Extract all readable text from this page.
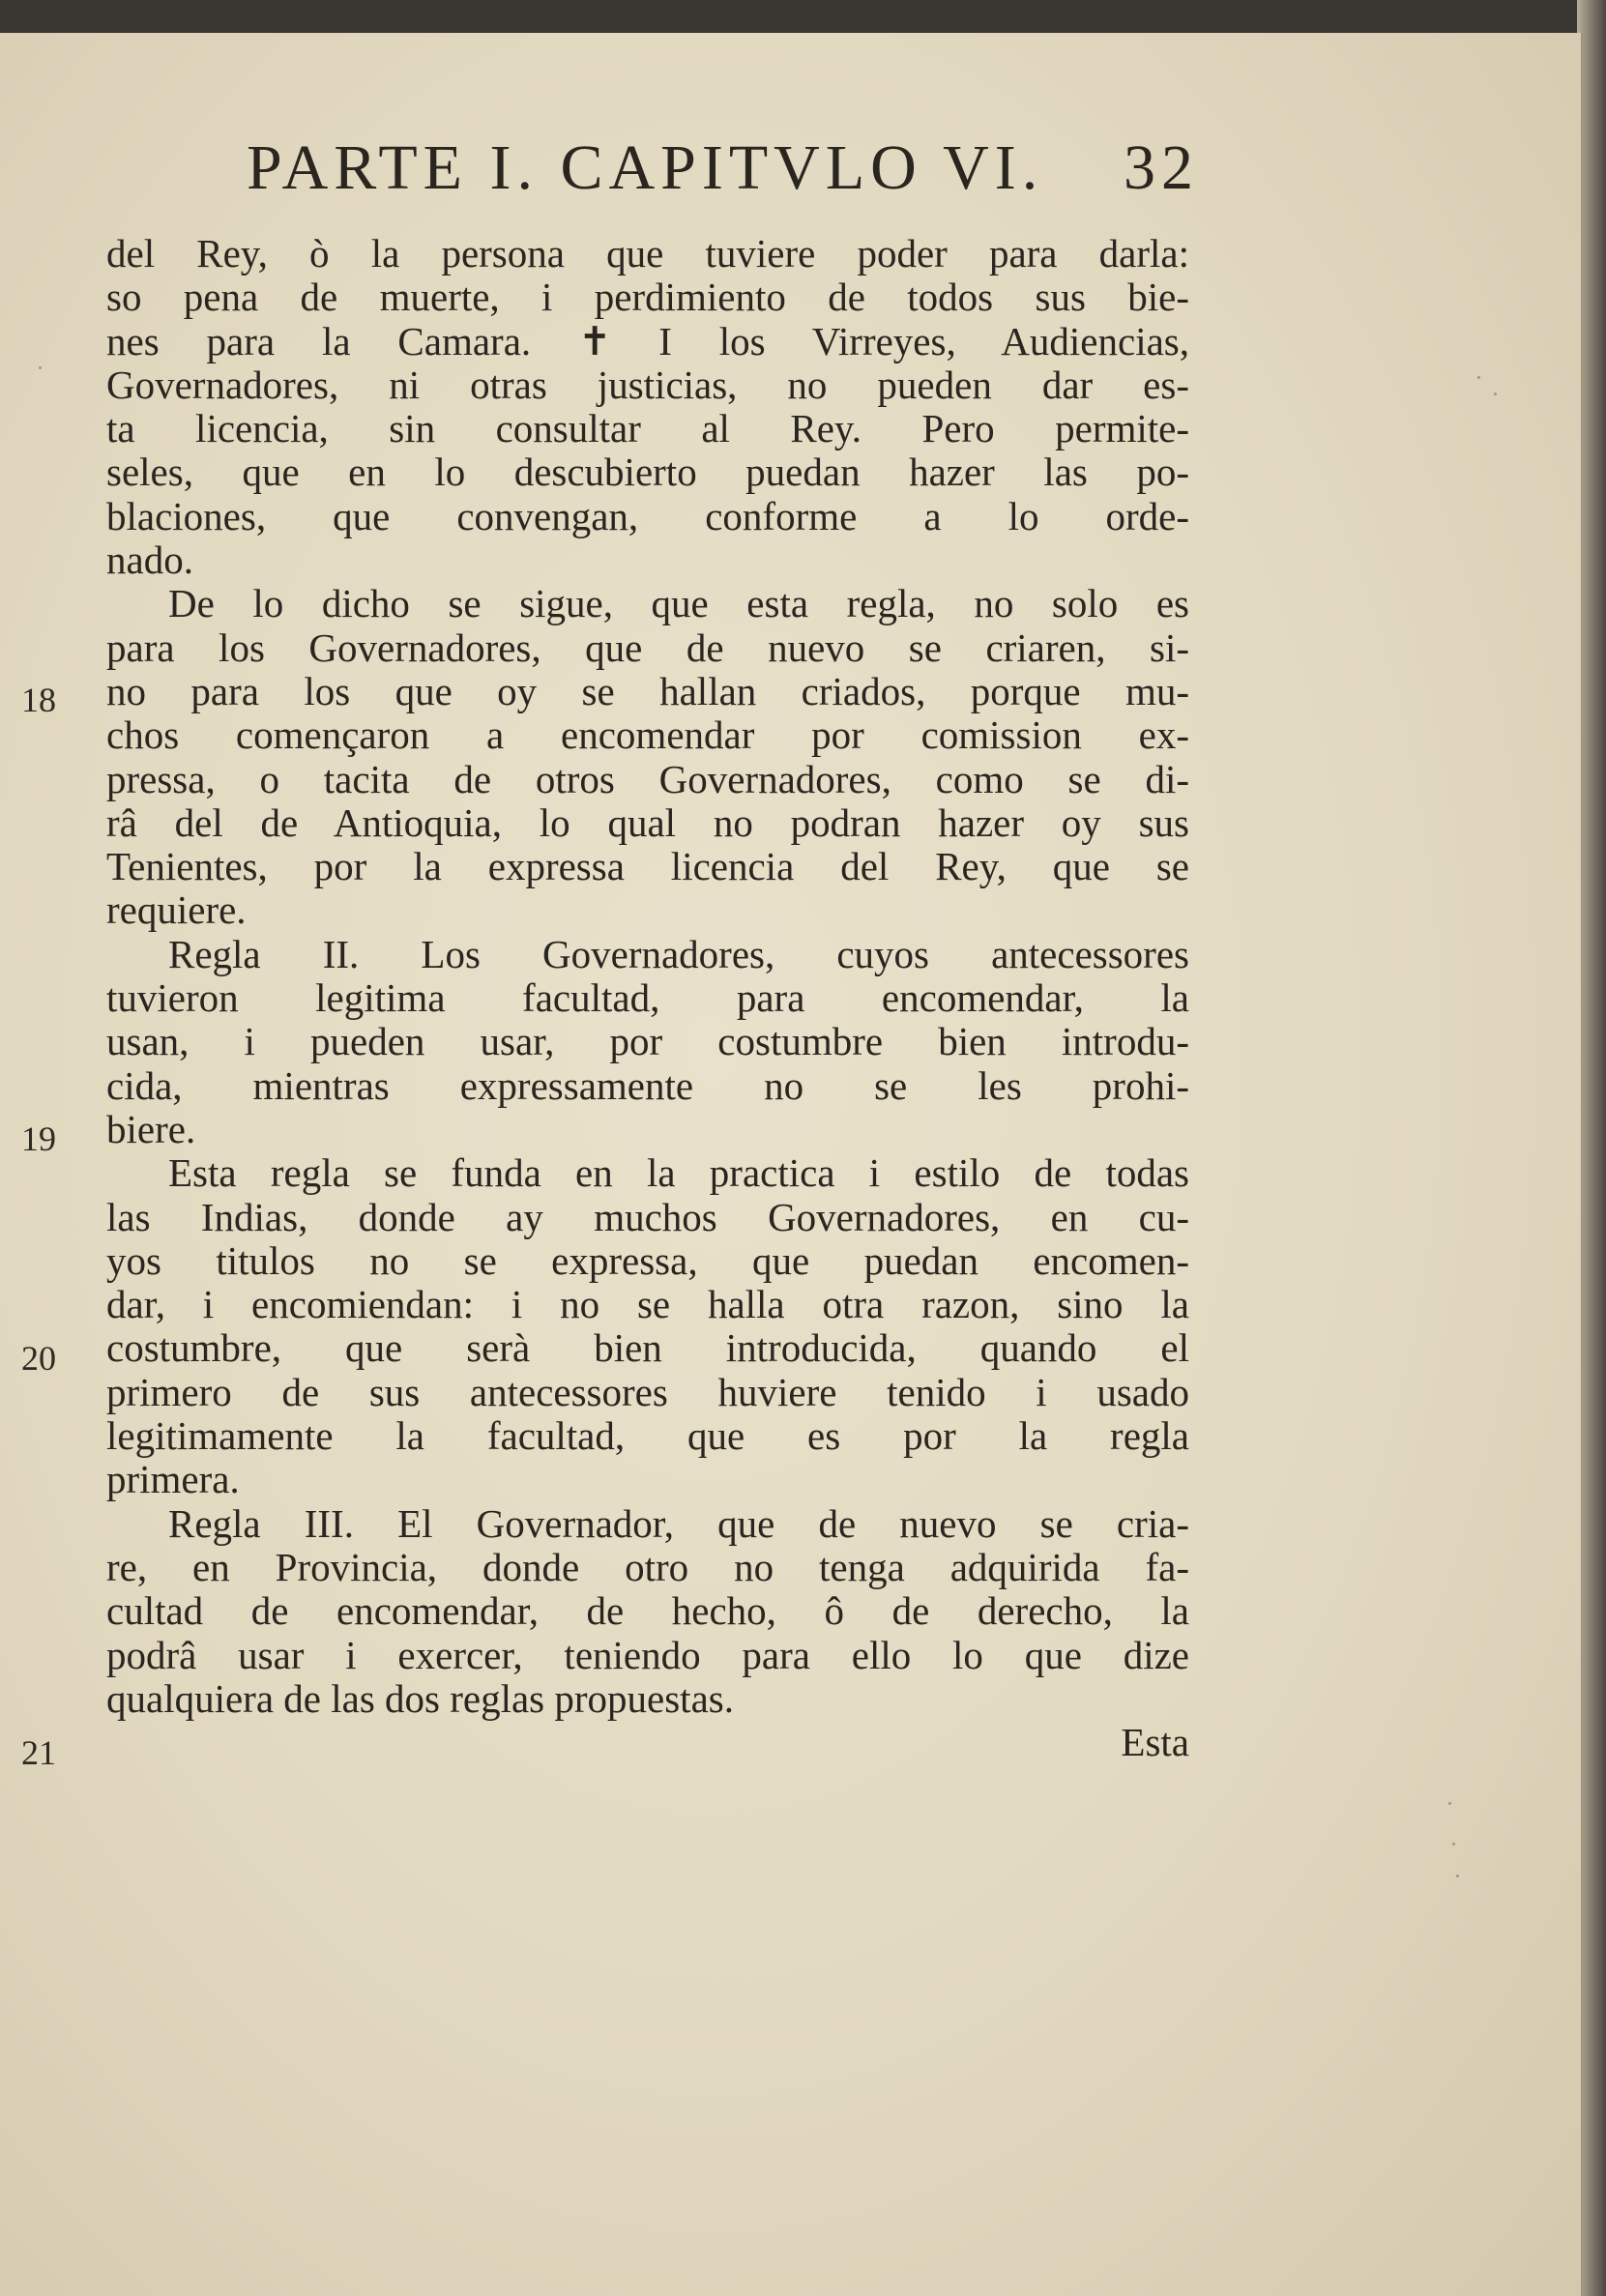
PARTE I. CAPITVLO VI. 32
18
19
20
21
del Rey, ò la persona que tuviere poder para darla:
so pena de muerte, i perdimiento de todos sus bie-
nes para la Camara. ✝ I los Virreyes, Audiencias,
Governadores, ni otras justicias, no pueden dar es-
ta licencia, sin consultar al Rey. Pero permite-
seles, que en lo descubierto puedan hazer las po-
blaciones, que convengan, conforme a lo orde-
nado.
De lo dicho se sigue, que esta regla, no solo es
para los Governadores, que de nuevo se criaren, si-
no para los que oy se hallan criados, porque mu-
chos començaron a encomendar por comission ex-
pressa, o tacita de otros Governadores, como se di-
râ del de Antioquia, lo qual no podran hazer oy sus
Tenientes, por la expressa licencia del Rey, que se
requiere.
Regla II. Los Governadores, cuyos antecessores
tuvieron legitima facultad, para encomendar, la
usan, i pueden usar, por costumbre bien introdu-
cida, mientras expressamente no se les prohi-
biere.
Esta regla se funda en la practica i estilo de todas
las Indias, donde ay muchos Governadores, en cu-
yos titulos no se expressa, que puedan encomen-
dar, i encomiendan: i no se halla otra razon, sino la
costumbre, que serà bien introducida, quando el
primero de sus antecessores huviere tenido i usado
legitimamente la facultad, que es por la regla
primera.
Regla III. El Governador, que de nuevo se cria-
re, en Provincia, donde otro no tenga adquirida fa-
cultad de encomendar, de hecho, ô de derecho, la
podrâ usar i exercer, teniendo para ello lo que dize
qualquiera de las dos reglas propuestas.
Esta
